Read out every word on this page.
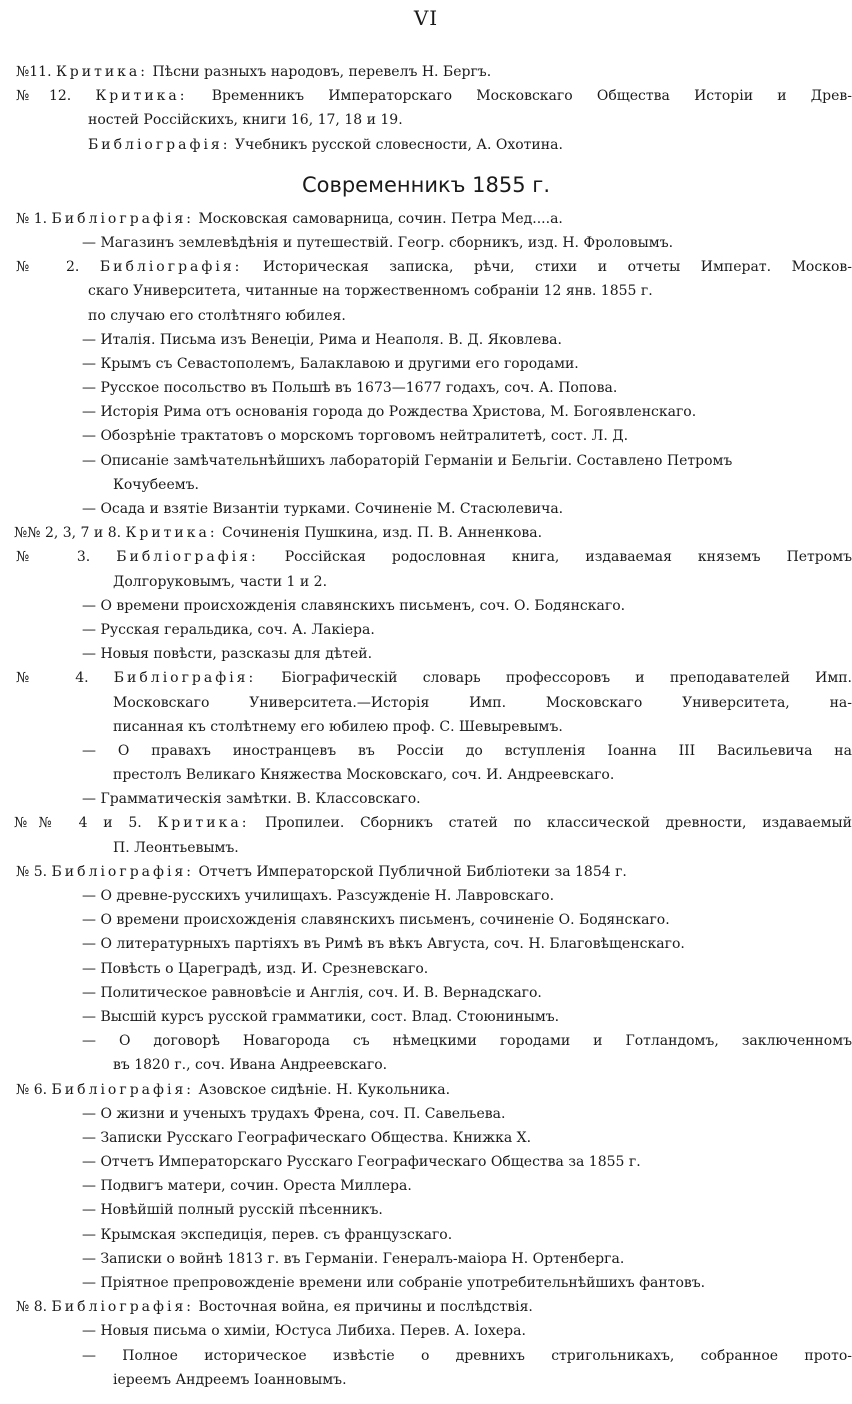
VI
№11. Критика: Пѣсни разныхъ народовъ, перевелъ Н. Бергъ.
№12. Критика: Временникъ Императорскаго Московскаго Общества Исторіи и Древ-
ностей Россійскихъ, книги 16, 17, 18 и 19.
Библіографія: Учебникъ русской словесности, А. Охотина.
Современникъ 1855 г.
№ 1. Библіографія: Московская самоварница, сочин. Петра Мед....а.
— Магазинъ землевѣдѣнія и путешествій. Геогр. сборникъ, изд. Н. Фроловымъ.
№ 2. Библіографія: Историческая записка, рѣчи, стихи и отчеты Императ. Москов-
скаго Университета, читанные на торжественномъ собраніи 12 янв. 1855 г.
по случаю его столѣтняго юбилея.
— Италія. Письма изъ Венеціи, Рима и Неаполя. В. Д. Яковлева.
— Крымъ съ Севастополемъ, Балаклавою и другими его городами.
— Русское посольство въ Польшѣ въ 1673—1677 годахъ, соч. А. Попова.
— Исторія Рима отъ основанія города до Рождества Христова, М. Богоявленскаго.
— Обозрѣніе трактатовъ о морскомъ торговомъ нейтралитетѣ, сост. Л. Д.
— Описаніе замѣчательнѣйшихъ лабораторій Германіи и Бельгіи. Составлено Петромъ
Кочубеемъ.
— Осада и взятіе Византіи турками. Сочиненіе М. Стасюлевича.
№№ 2, 3, 7 и 8. Критика: Сочиненія Пушкина, изд. П. В. Анненкова.
№ 3. Библіографія: Россійская родословная книга, издаваемая княземъ Петромъ
Долгоруковымъ, части 1 и 2.
— О времени происхожденія славянскихъ письменъ, соч. О. Бодянскаго.
— Русская геральдика, соч. А. Лакіера.
— Новыя повѣсти, разсказы для дѣтей.
№ 4. Библіографія: Біографическій словарь профессоровъ и преподавателей Имп.
Московскаго Университета.—Исторія Имп. Московскаго Университета, на-
писанная къ столѣтнему его юбилею проф. С. Шевыревымъ.
— О правахъ иностранцевъ въ Россіи до вступленія Іоанна III Васильевича на
престолъ Великаго Княжества Московскаго, соч. И. Андреевскаго.
— Грамматическія замѣтки. В. Классовскаго.
№№ 4 и 5. Критика: Пропилеи. Сборникъ статей по классической древности, издаваемый
П. Леонтьевымъ.
№ 5. Библіографія: Отчетъ Императорской Публичной Библіотеки за 1854 г.
— О древне-русскихъ училищахъ. Разсужденіе Н. Лавровскаго.
— О времени происхожденія славянскихъ письменъ, сочиненіе О. Бодянскаго.
— О литературныхъ партіяхъ въ Римѣ въ вѣкъ Августа, соч. Н. Благовѣщенскаго.
— Повѣсть о Цареградѣ, изд. И. Срезневскаго.
— Политическое равновѣсіе и Англія, соч. И. В. Вернадскаго.
— Высшій курсъ русской грамматики, сост. Влад. Стоюнинымъ.
— О договорѣ Новагорода съ нѣмецкими городами и Готландомъ, заключенномъ
въ 1820 г., соч. Ивана Андреевскаго.
№ 6. Библіографія: Азовское сидѣніе. Н. Кукольника.
— О жизни и ученыхъ трудахъ Френа, соч. П. Савельева.
— Записки Русскаго Географическаго Общества. Книжка X.
— Отчетъ Императорскаго Русскаго Географическаго Общества за 1855 г.
— Подвигъ матери, сочин. Ореста Миллера.
— Новѣйшій полный русскій пѣсенникъ.
— Крымская экспедиція, перев. съ французскаго.
— Записки о войнѣ 1813 г. въ Германіи. Генералъ-маіора Н. Ортенберга.
— Пріятное препровожденіе времени или собраніе употребительнѣйшихъ фантовъ.
№ 8. Библіографія: Восточная война, ея причины и послѣдствія.
— Новыя письма о химіи, Юстуса Либиха. Перев. А. Іохера.
— Полное историческое извѣстіе о древнихъ стригольникахъ, собранное прото-
іереемъ Андреемъ Іоанновымъ.
